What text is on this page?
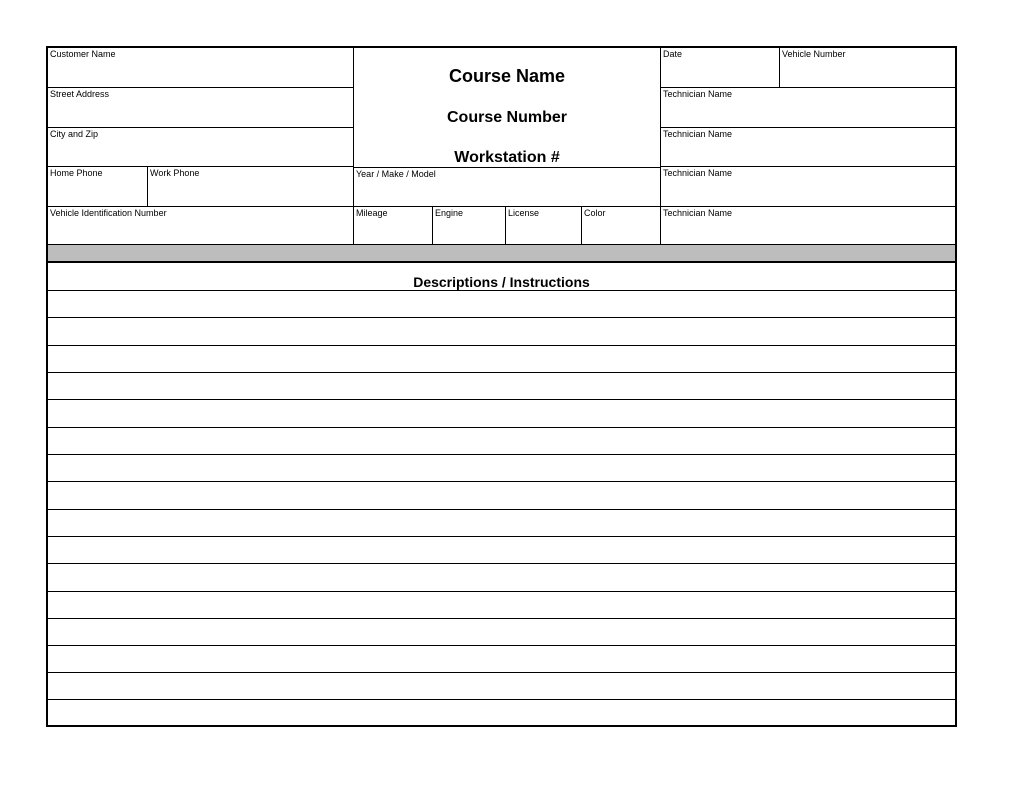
Customer Name
Street Address
City and Zip
Home Phone	Work Phone
Vehicle Identification Number
Course Name
Course Number
Workstation #
Year / Make / Model
Mileage	Engine	License	Color
Date	Vehicle Number
Technician Name
Technician Name
Technician Name
Technician Name
Descriptions / Instructions
